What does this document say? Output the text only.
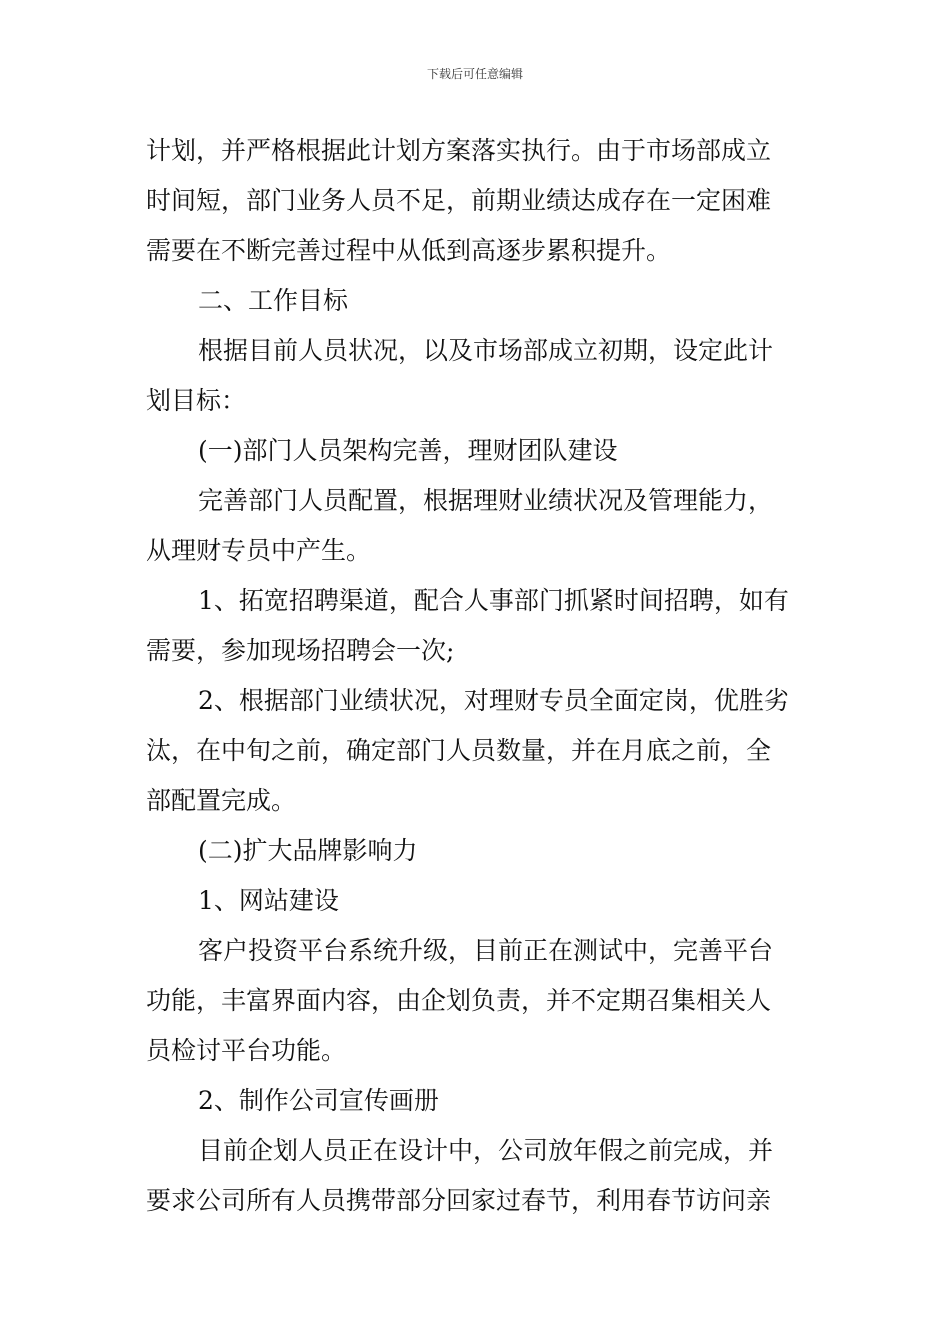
下载后可任意编辑
计划，并严格根据此计划方案落实执行。由于市场部成立
时间短，部门业务人员不足，前期业绩达成存在一定困难
需要在不断完善过程中从低到高逐步累积提升。
二、工作目标
根据目前人员状况，以及市场部成立初期，设定此计
划目标：
(一)部门人员架构完善，理财团队建设
完善部门人员配置，根据理财业绩状况及管理能力，
从理财专员中产生。
1、拓宽招聘渠道，配合人事部门抓紧时间招聘，如有
需要，参加现场招聘会一次;
2、根据部门业绩状况，对理财专员全面定岗，优胜劣
汰，在中旬之前，确定部门人员数量，并在月底之前，全
部配置完成。
(二)扩大品牌影响力
1、网站建设
客户投资平台系统升级，目前正在测试中，完善平台
功能，丰富界面内容，由企划负责，并不定期召集相关人
员检讨平台功能。
2、制作公司宣传画册
目前企划人员正在设计中，公司放年假之前完成，并
要求公司所有人员携带部分回家过春节，利用春节访问亲
